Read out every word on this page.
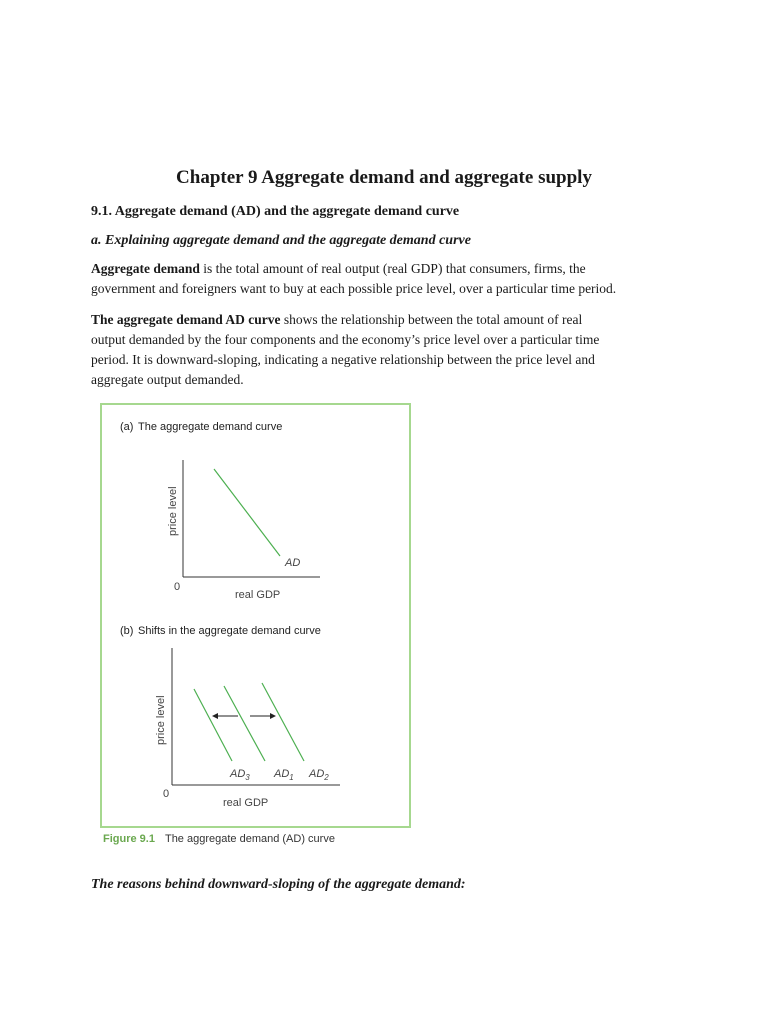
Chapter 9 Aggregate demand and aggregate supply
9.1. Aggregate demand (AD) and the aggregate demand curve
a. Explaining aggregate demand and the aggregate demand curve

Aggregate demand is the total amount of real output (real GDP) that consumers, firms, the

government and foreigners want to buy at each possible price level, over a particular time period.

The aggregate demand AD curve shows the relationship between the total amount of real

output demanded by the four components and the economy’s price level over a particular time

period. It is downward-sloping, indicating a negative relationship between the price level and

aggregate output demanded.

(a) The aggregate demand curve
price level
real GDP
0
AD
(b) Shifts in the aggregate demand curve
price level
real GDP
0
$AD_3$ $AD_1$ $AD_2$
Figure 9.1 The aggregate demand (AD) curve
The reasons behind downward-sloping of the aggregate demand:
